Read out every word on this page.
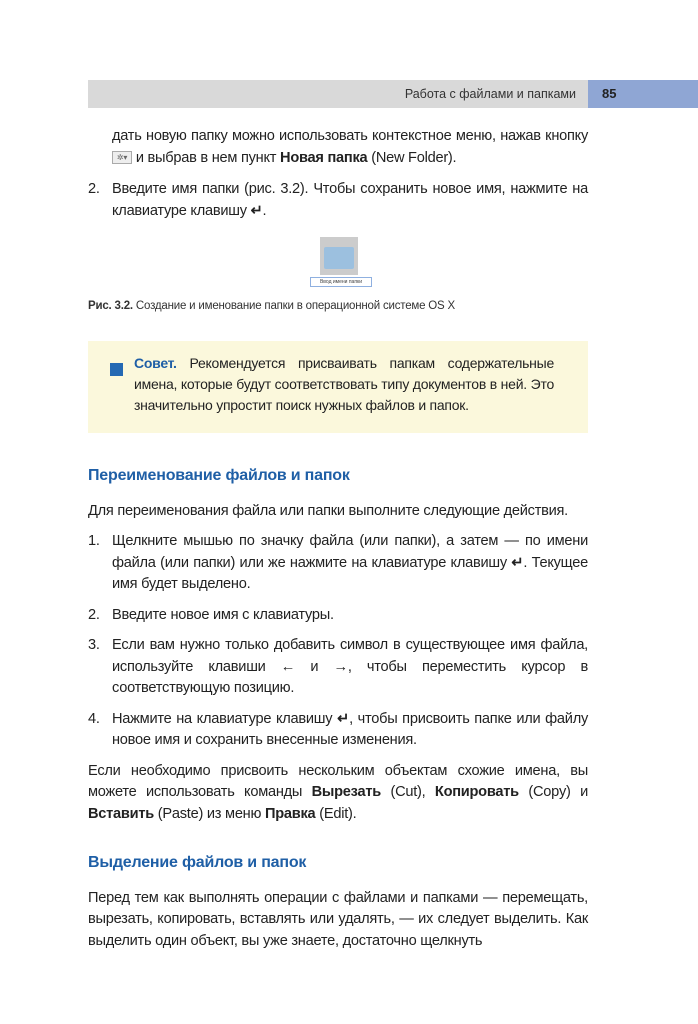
Работа с файлами и папками 85

дать новую папку можно использовать контекстное меню, нажав кнопку ✲▾ и выбрав в нем пункт Новая папка (New Folder).

2. Введите имя папки (рис. 3.2). Чтобы сохранить новое имя, нажмите на клавиатуре клавишу ↵.
Ввод имени папки
Рис. 3.2. Создание и именование папки в операционной системе OS X
Совет. Рекомендуется присваивать папкам содержательные имена, которые будут соответствовать типу документов в ней. Это значительно упростит поиск нужных файлов и папок.
Переименование файлов и папок

Для переименования файла или папки выполните следующие действия.

1. Щелкните мышью по значку файла (или папки), а затем — по имени файла (или папки) или же нажмите на клавиатуре клавишу ↵. Текущее имя будет выделено.
2. Введите новое имя с клавиатуры.
3. Если вам нужно только добавить символ в существующее имя файла, используйте клавиши ← и →, чтобы переместить курсор в соответствующую позицию.
4. Нажмите на клавиатуре клавишу ↵, чтобы присвоить папке или файлу новое имя и сохранить внесенные изменения.

Если необходимо присвоить нескольким объектам схожие имена, вы можете использовать команды Вырезать (Cut), Копировать (Copy) и Вставить (Paste) из меню Правка (Edit).

Выделение файлов и папок

Перед тем как выполнять операции с файлами и папками — перемещать, вырезать, копировать, вставлять или удалять, — их следует выделить. Как выделить один объект, вы уже знаете, достаточно щелкнуть
